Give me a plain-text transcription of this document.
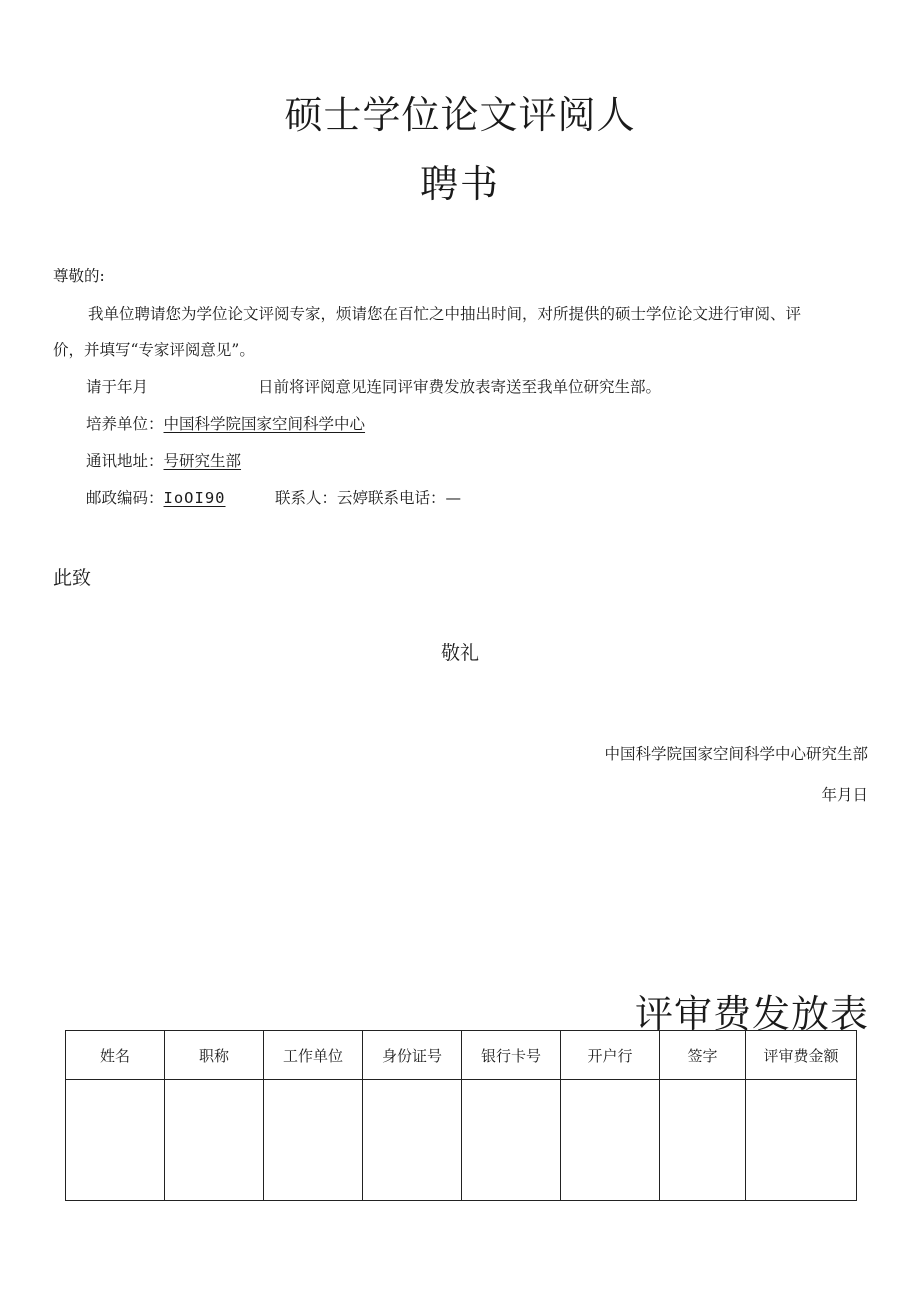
硕士学位论文评阅人
聘书
尊敬的:
我单位聘请您为学位论文评阅专家，烦请您在百忙之中抽出时间，对所提供的硕士学位论文进行审阅、评
价，并填写“专家评阅意见”。
请于年月	日前将评阅意见连同评审费发放表寄送至我单位研究生部。
培养单位：中国科学院国家空间科学中心
通讯地址：号研究生部
邮政编码：IoOI90	联系人：云婷联系电话：—
此致
敬礼
中国科学院国家空间科学中心研究生部
年月日
评审费发放表
姓名	职称	工作单位	身份证号	银行卡号	开户行	签字	评审费金额
